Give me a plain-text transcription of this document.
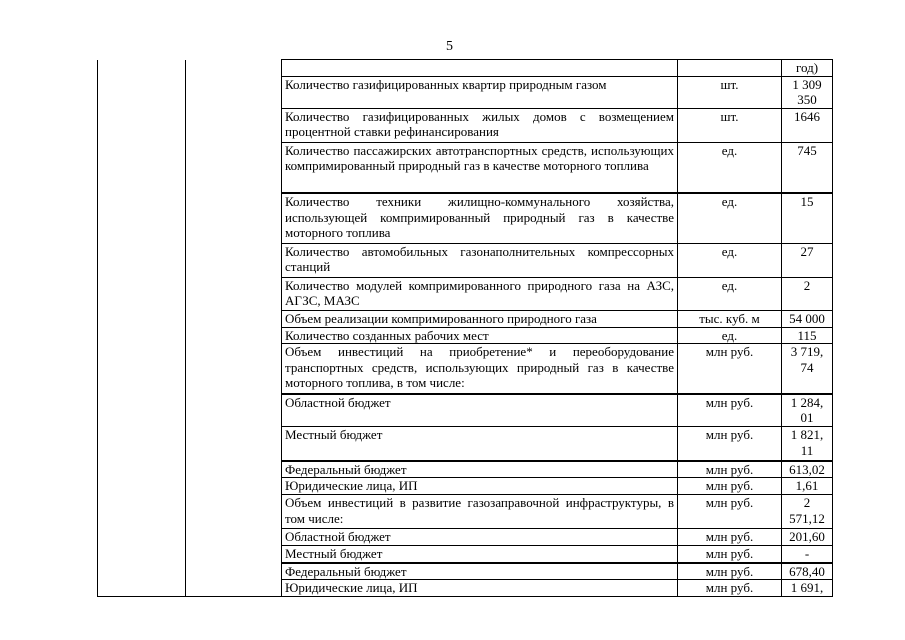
5
				год)
		Количество газифицированных квартир природным газом	шт.	1 309 350
		Количество газифицированных жилых домов с возмещением процентной ставки рефинансирования	шт.	1646
		Количество пассажирских автотранспортных средств, использующих компримированный природный газ в качестве моторного топлива	ед.	745
		Количество техники жилищно-коммунального хозяйства, использующей компримированный природный газ в качестве моторного топлива	ед.	15
		Количество автомобильных газонаполнительных компрессорных станций	ед.	27
		Количество модулей компримированного природного газа на АЗС, АГЗС, МАЗС	ед.	2
		Объем реализации компримированного природного газа	тыс. куб. м	54 000
		Количество созданных рабочих мест	ед.	115
		Объем инвестиций на приобретение* и переоборудование транспортных средств, использующих природный газ в качестве моторного топлива, в том числе:	млн руб.	3 719, 74
		Областной бюджет	млн руб.	1 284, 01
		Местный бюджет	млн руб.	1 821, 11
		Федеральный бюджет	млн руб.	613,02
		Юридические лица, ИП	млн руб.	1,61
		Объем инвестиций в развитие газозаправочной инфраструктуры, в том числе:	млн руб.	2 571,12
		Областной бюджет	млн руб.	201,60
		Местный бюджет	млн руб.	-
		Федеральный бюджет	млн руб.	678,40
		Юридические лица, ИП	млн руб.	1 691,
